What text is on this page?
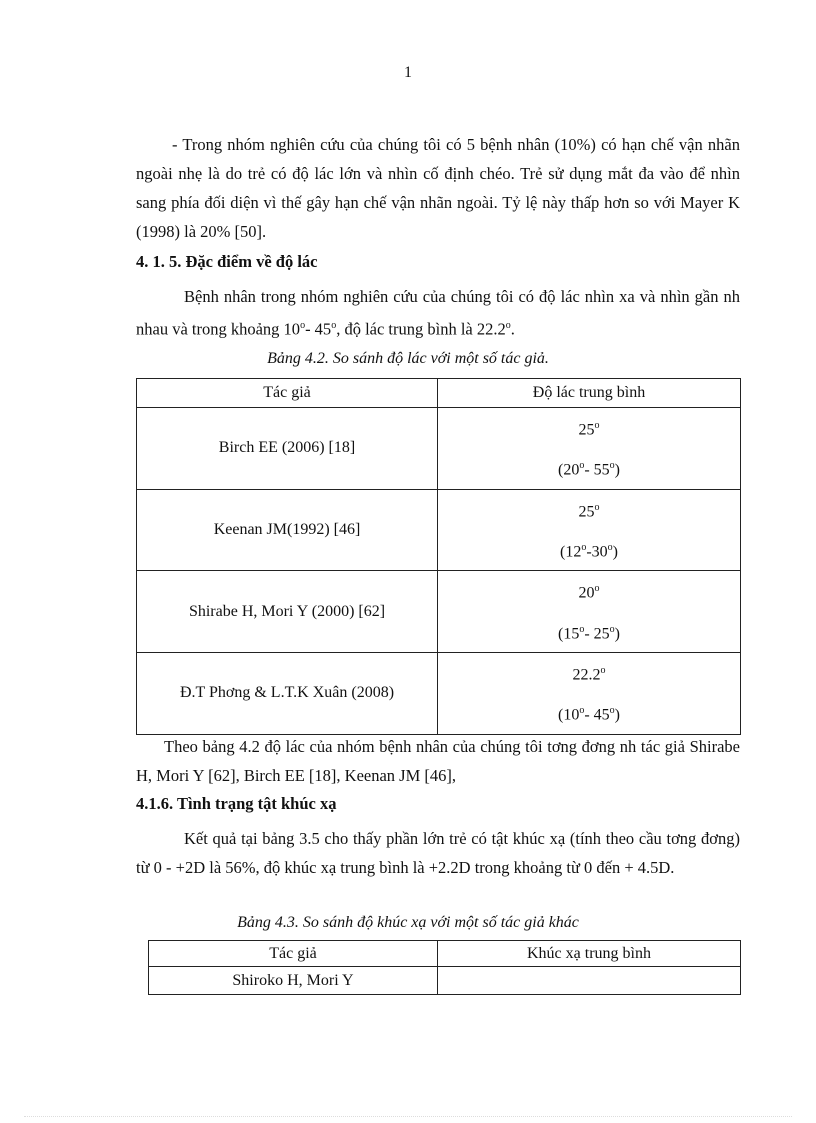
1

- Trong nhóm nghiên cứu của chúng tôi có 5 bệnh nhân (10%) có hạn chế vận nhãn ngoài nhẹ là do trẻ có độ lác lớn và nhìn cố định chéo. Trẻ sử dụng mắt đa vào để nhìn sang phía đối diện vì thế gây hạn chế vận nhãn ngoài. Tỷ lệ này thấp hơn so với Mayer K (1998) là 20% [50].

4. 1. 5. Đặc điểm về độ lác

Bệnh nhân trong nhóm nghiên cứu của chúng tôi có độ lác nhìn xa và nhìn gần nh nhau và trong khoảng 10$^o$- 45$^o$, độ lác trung bình là 22.2$^o$.

Bảng 4.2. So sánh độ lác với một số tác giả.

Tác giả	Độ lác trung bình
Birch EE (2006) [18]	25$^o$
(20$^o$- 55$^o$)

Keenan JM(1992) [46]	25$^o$
(12$^o$-30$^o$)

Shirabe H, Mori Y (2000) [62]	20$^o$
(15$^o$- 25$^o$)

Đ.T Phơng & L.T.K Xuân (2008)	22.2$^o$
(10$^o$- 45$^o$)

Theo bảng 4.2 độ lác của nhóm bệnh nhân của chúng tôi tơng đơng nh tác giả Shirabe H, Mori Y [62], Birch EE [18], Keenan JM [46],

4.1.6. Tình trạng tật khúc xạ

Kết quả tại bảng 3.5 cho thấy phần lớn trẻ có tật khúc xạ (tính theo cầu tơng đơng) từ 0 - +2D là 56%, độ khúc xạ trung bình là +2.2D trong khoảng từ 0 đến + 4.5D.

Bảng 4.3. So sánh độ khúc xạ với một số tác giả khác

Tác giả	Khúc xạ trung bình
Shiroko H, Mori Y	
